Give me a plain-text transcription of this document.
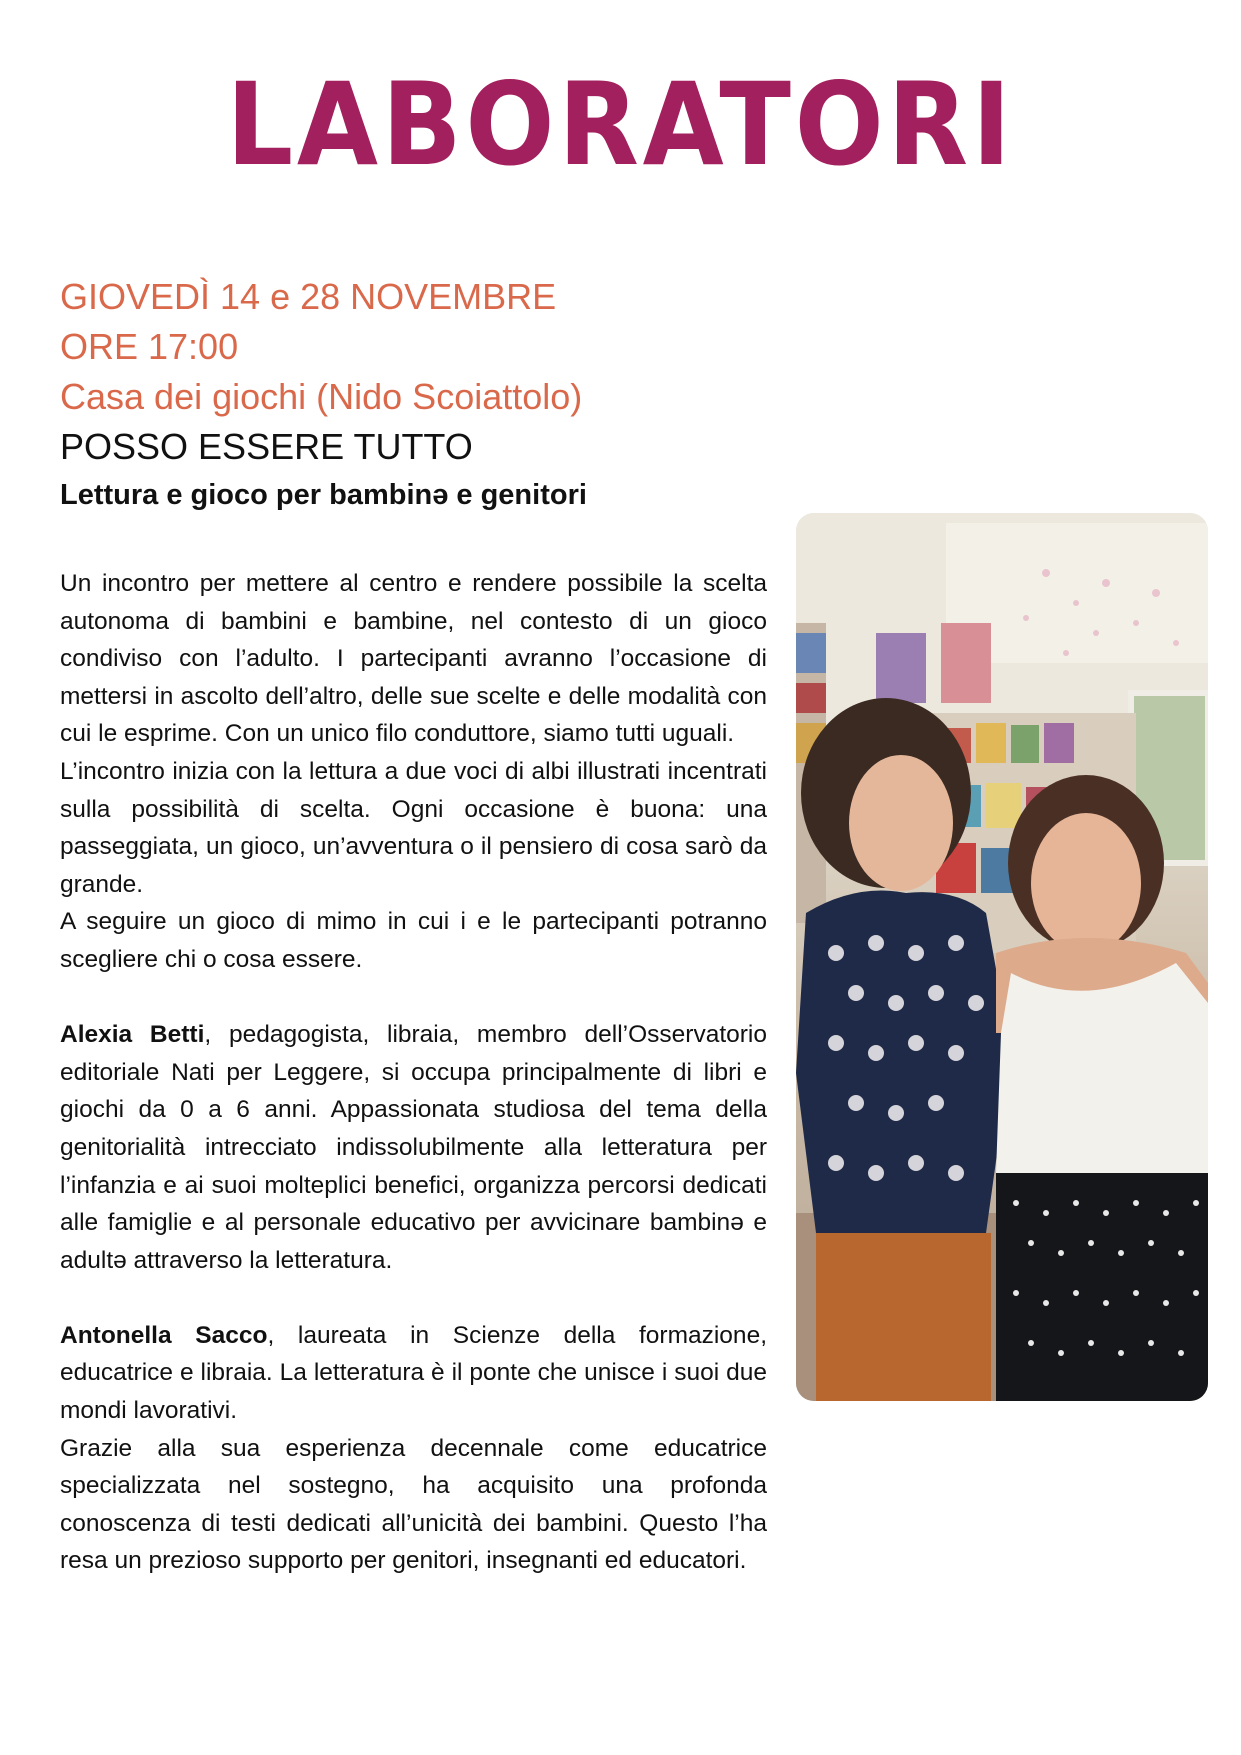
LABORATORI
GIOVEDÌ 14 e 28 NOVEMBRE
ORE 17:00
Casa dei giochi (Nido Scoiattolo)
POSSO ESSERE TUTTO
Lettura e gioco per bambinə e genitori

Un incontro per mettere al centro e rendere possibile la scelta autonoma di bambini e bambine, nel contesto di un gioco condiviso con l’adulto. I partecipanti avranno l’occasione di mettersi in ascolto dell’altro, delle sue scelte e delle modalità con cui le esprime. Con un unico filo conduttore, siamo tutti uguali.

L’incontro inizia con la lettura a due voci di albi illustrati incentrati sulla possibilità di scelta. Ogni occasione è buona: una passeggiata, un gioco, un’avventura o il pensiero di cosa sarò da grande.

A seguire un gioco di mimo in cui i e le partecipanti potranno scegliere chi o cosa essere.

Alexia Betti, pedagogista, libraia, membro dell’Osservatorio editoriale Nati per Leggere, si occupa principalmente di libri e giochi da 0 a 6 anni. Appassionata studiosa del tema della genitorialità intrecciato indissolubilmente alla letteratura per l’infanzia e ai suoi molteplici benefici, organizza percorsi dedicati alle famiglie e al personale educativo per avvicinare bambinə e adultə attraverso la letteratura.

Antonella Sacco, laureata in Scienze della formazione, educatrice e libraia. La letteratura è il ponte che unisce i suoi due mondi lavorativi.

Grazie alla sua esperienza decennale come educatrice specializzata nel sostegno, ha acquisito una profonda conoscenza di testi dedicati all’unicità dei bambini. Questo l’ha resa un prezioso supporto per genitori, insegnanti ed educatori.
